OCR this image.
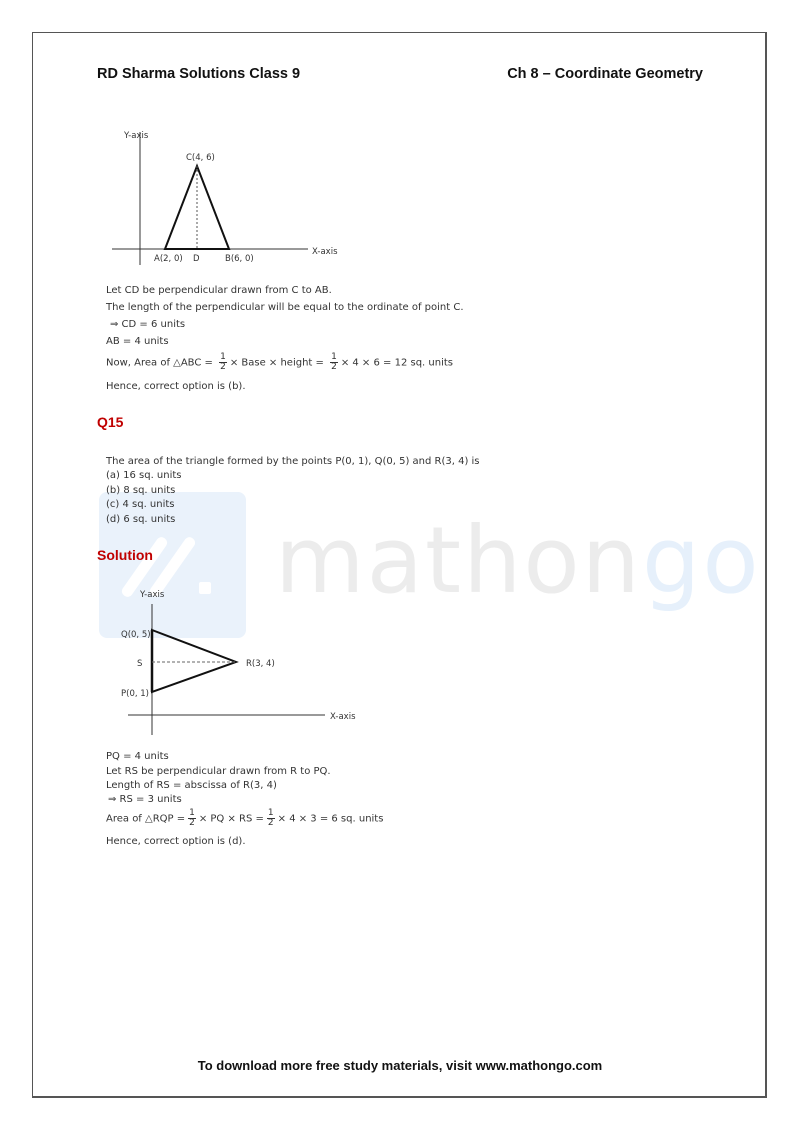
RD Sharma Solutions Class 9	Ch 8 – Coordinate Geometry
mathongo
Y-axis
X-axis
C(4, 6)
A(2, 0) D	B(6, 0)
Let CD be perpendicular drawn from C to AB.
The length of the perpendicular will be equal to the ordinate of point C.
⇒ CD = 6 units
AB = 4 units
Now, Area of △ABC = $\frac{1}{2}$ × Base × height = $\frac{1}{2} \times 4 \times 6 = 12$ sq. units
Hence, correct option is (b).
Q15
The area of the triangle formed by the points P(0, 1), Q(0, 5) and R(3, 4) is
(a) 16 sq. units
(b) 8 sq. units
(c) 4 sq. units
(d) 6 sq. units
Solution
Y-axis
X-axis
Q(0, 5)
S	R(3, 4)
P(0, 1)
PQ = 4 units
Let RS be perpendicular drawn from R to PQ.
Length of RS = abscissa of R(3, 4)
⇒ RS = 3 units
Area of △RQP = $\frac{1}{2}$ × PQ × RS = $\frac{1}{2} \times 4 \times 3 = 6$ sq. units
Hence, correct option is (d).
To download more free study materials, visit www.mathongo.com
